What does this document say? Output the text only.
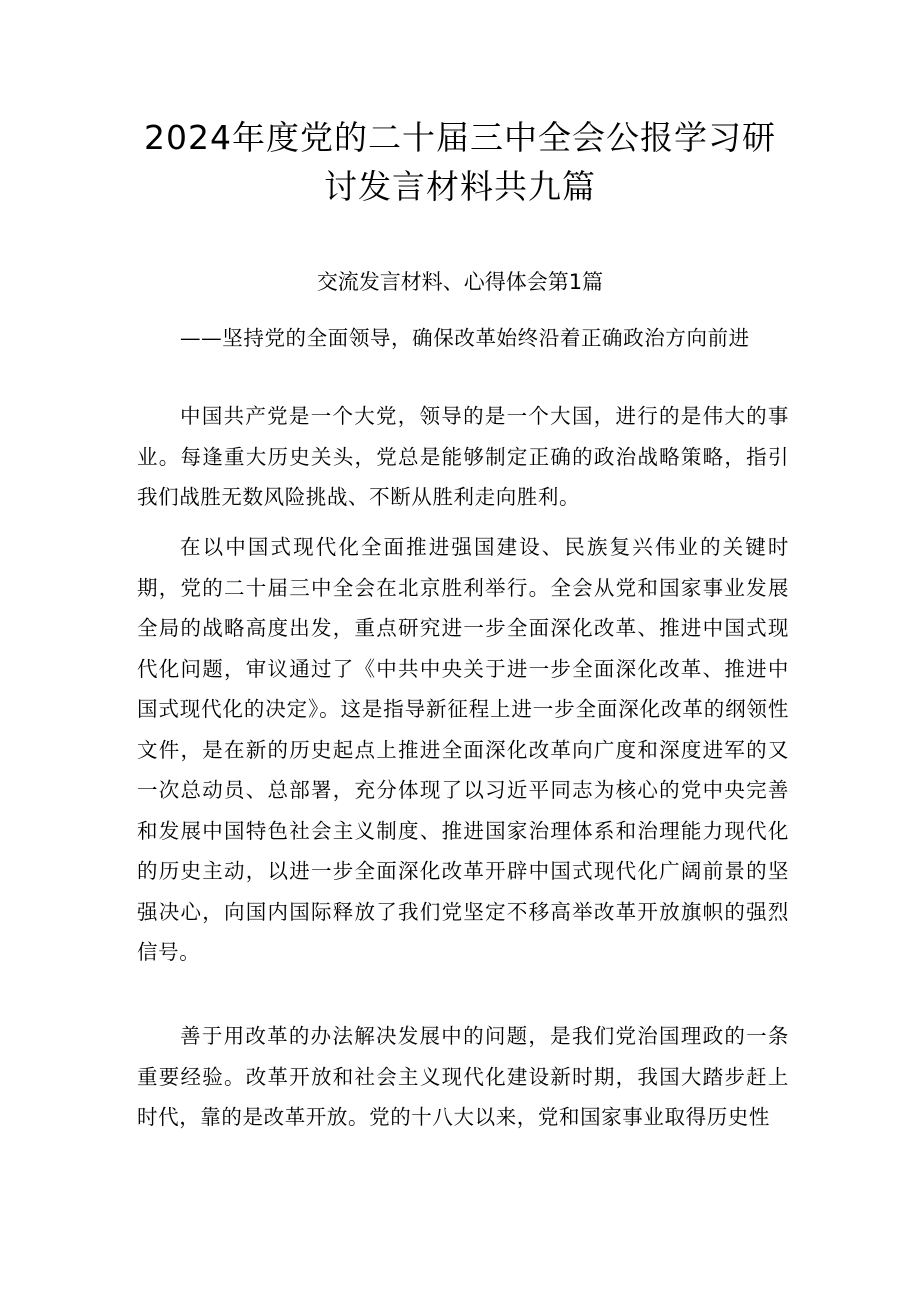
2024年度党的二十届三中全会公报学习研讨发言材料共九篇
交流发言材料、心得体会第1篇

——坚持党的全面领导，确保改革始终沿着正确政治方向前进

中国共产党是一个大党，领导的是一个大国，进行的是伟大的事业。每逢重大历史关头，党总是能够制定正确的政治战略策略，指引我们战胜无数风险挑战、不断从胜利走向胜利。

在以中国式现代化全面推进强国建设、民族复兴伟业的关键时期，党的二十届三中全会在北京胜利举行。全会从党和国家事业发展全局的战略高度出发，重点研究进一步全面深化改革、推进中国式现代化问题，审议通过了《中共中央关于进一步全面深化改革、推进中国式现代化的决定》。这是指导新征程上进一步全面深化改革的纲领性文件，是在新的历史起点上推进全面深化改革向广度和深度进军的又一次总动员、总部署，充分体现了以习近平同志为核心的党中央完善和发展中国特色社会主义制度、推进国家治理体系和治理能力现代化的历史主动，以进一步全面深化改革开辟中国式现代化广阔前景的坚强决心，向国内国际释放了我们党坚定不移高举改革开放旗帜的强烈信号。

善于用改革的办法解决发展中的问题，是我们党治国理政的一条重要经验。改革开放和社会主义现代化建设新时期，我国大踏步赶上时代，靠的是改革开放。党的十八大以来，党和国家事业取得历史性
